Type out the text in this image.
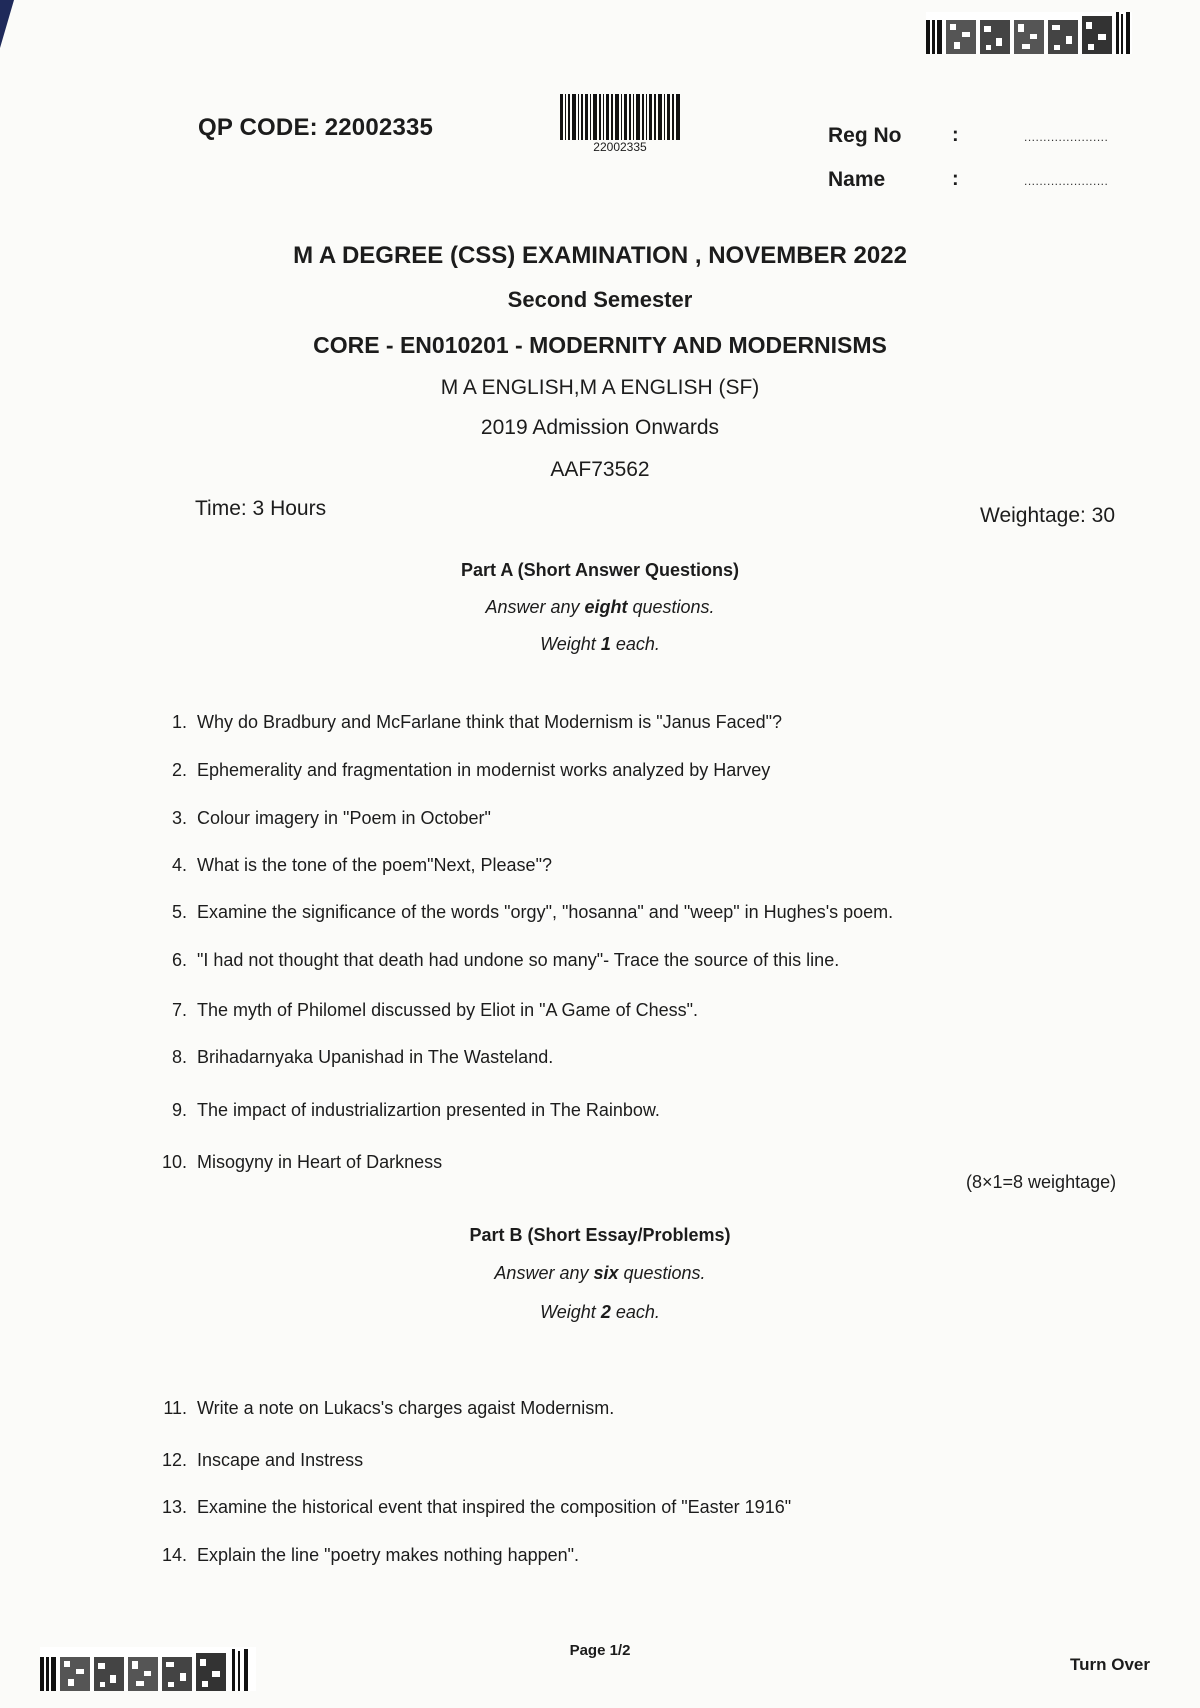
QP CODE: 22002335
22002335	Reg No	:	......................
Name	:	......................
M A DEGREE (CSS) EXAMINATION , NOVEMBER 2022
Second Semester
CORE - EN010201 - MODERNITY AND MODERNISMS
M A ENGLISH,M A ENGLISH (SF)
2019 Admission Onwards
AAF73562
Time: 3 Hours	Weightage: 30
Part A (Short Answer Questions)
Answer any eight questions.
Weight 1 each.
1. Why do Bradbury and McFarlane think that Modernism is "Janus Faced"?
2. Ephemerality and fragmentation in modernist works analyzed by Harvey
3. Colour imagery in "Poem in October"
4. What is the tone of the poem"Next, Please"?
5. Examine the significance of the words "orgy", "hosanna" and "weep" in Hughes's poem.
6. "I had not thought that death had undone so many"- Trace the source of this line.
7. The myth of Philomel discussed by Eliot in "A Game of Chess".
8. Brihadarnyaka Upanishad in The Wasteland.
9. The impact of industrializartion presented in The Rainbow.
10. Misogyny in Heart of Darkness
(8×1=8 weightage)
Part B (Short Essay/Problems)
Answer any six questions.
Weight 2 each.
11. Write a note on Lukacs's charges agaist Modernism.
12. Inscape and Instress
13. Examine the historical event that inspired the composition of "Easter 1916"
14. Explain the line "poetry makes nothing happen".
Page 1/2
Turn Over
